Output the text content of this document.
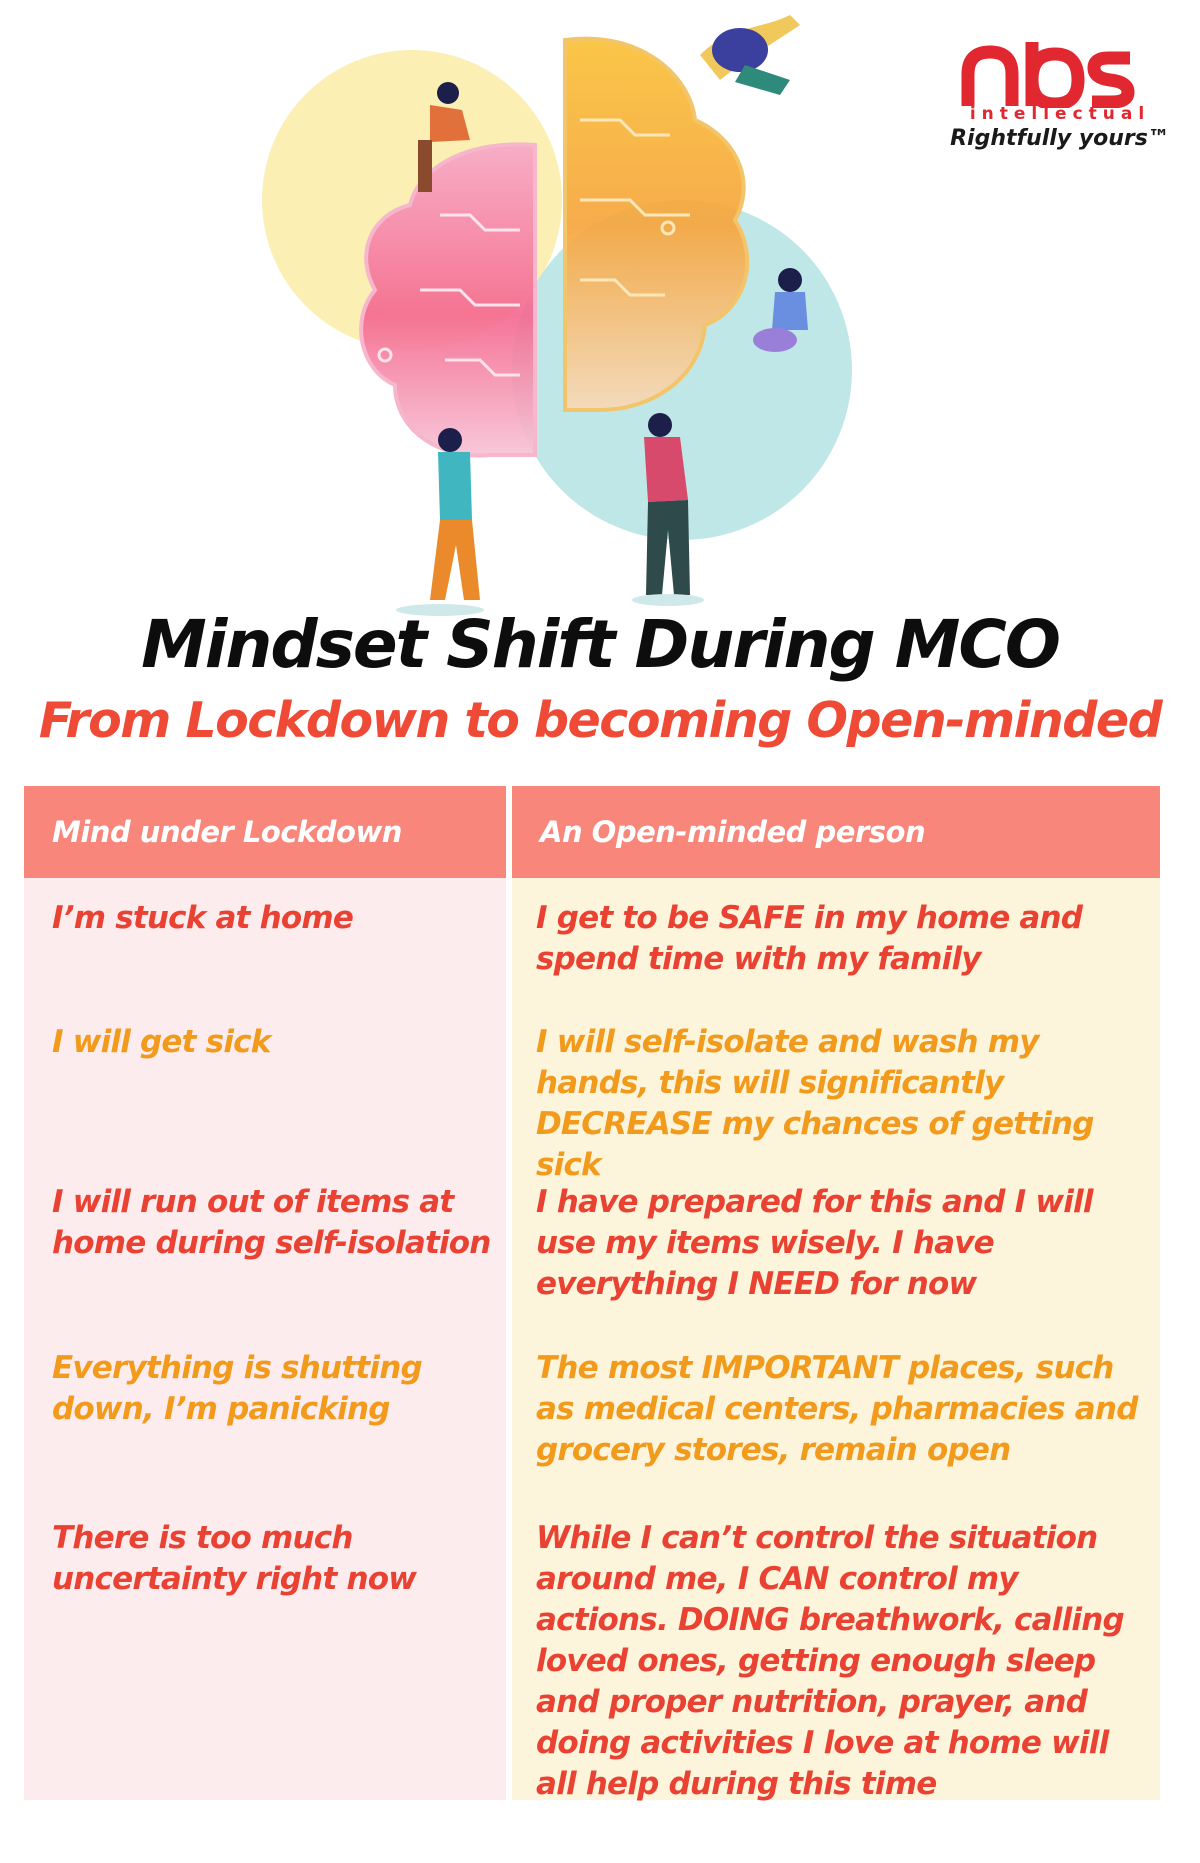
intellectual
Rightfully yours™
Mindset Shift During MCO
From Lockdown to becoming Open-minded
Mind under Lockdown
I’m stuck at home
I will get sick
I will run out of items at home during self-isolation
Everything is shutting down, I’m panicking
There is too much uncertainty right now
An Open-minded person
I get to be SAFE in my home and spend time with my family
I will self-isolate and wash my hands, this will significantly DECREASE my chances of getting sick
I have prepared for this and I will use my items wisely. I have everything I NEED for now
The most IMPORTANT places, such as medical centers, pharmacies and grocery stores, remain open
While I can’t control the situation around me, I CAN control my actions. DOING breathwork, calling loved ones, getting enough sleep and proper nutrition, prayer, and doing activities I love at home will all help during this time
